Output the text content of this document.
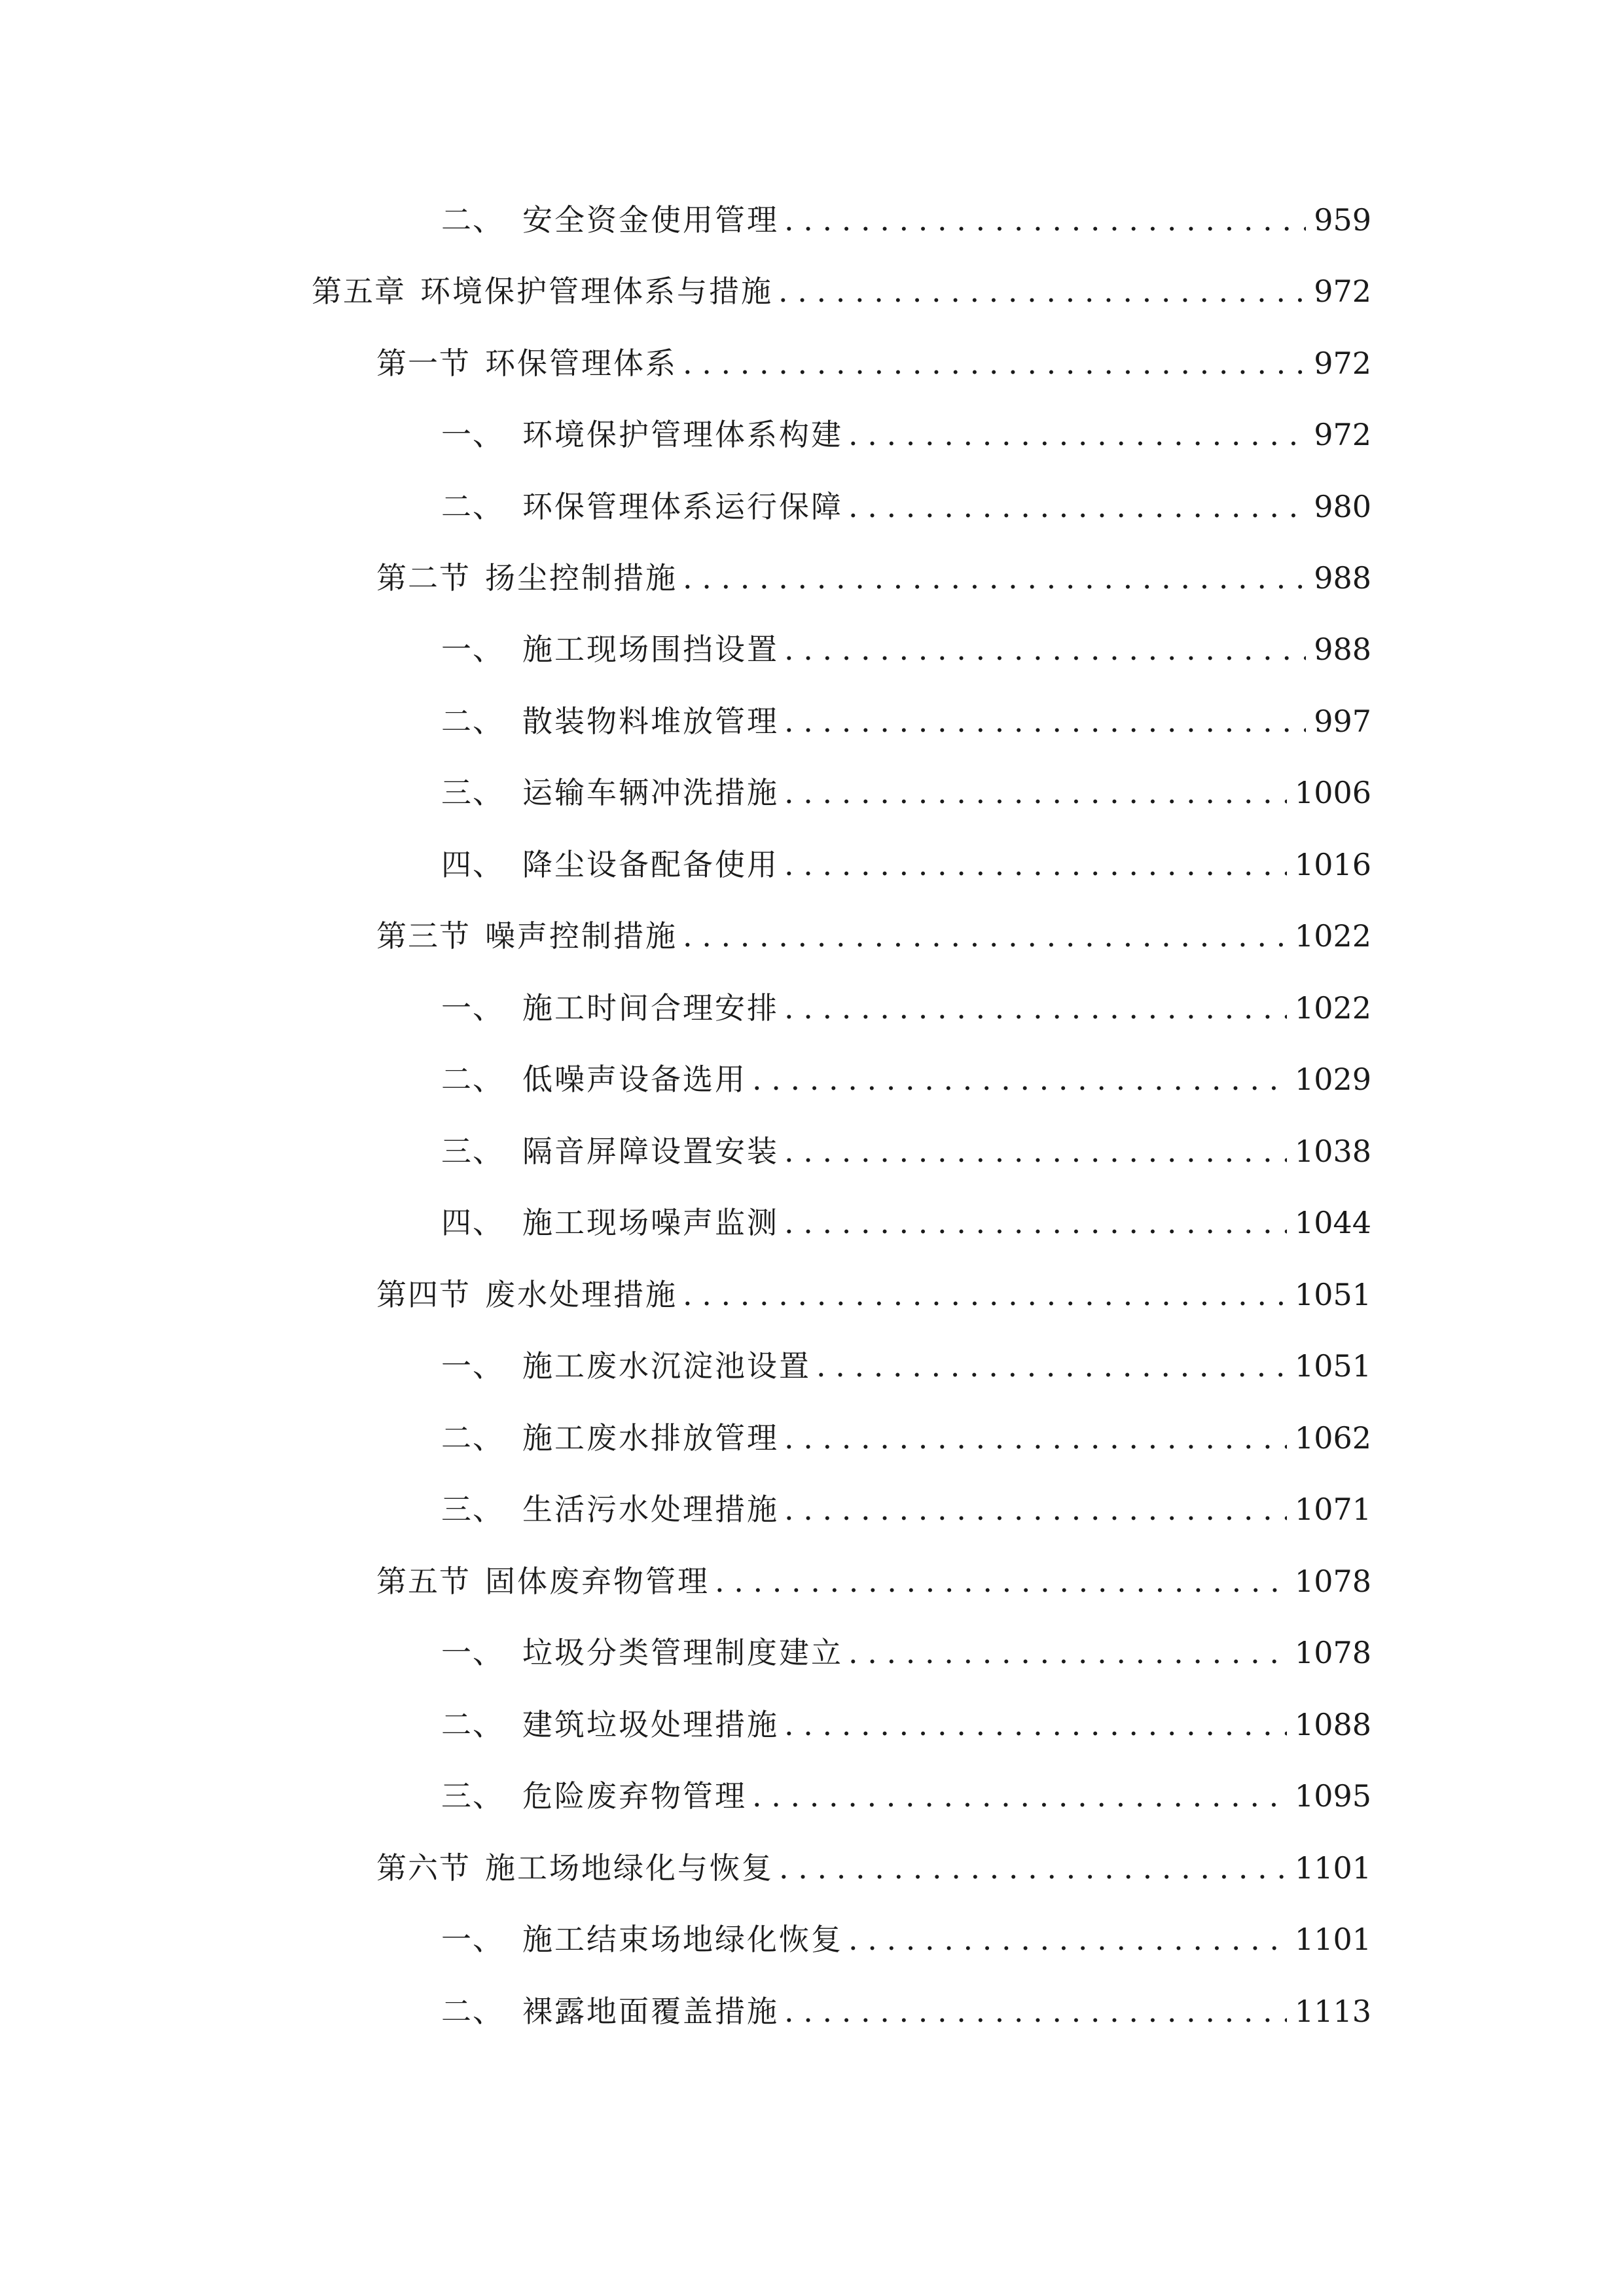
二、 安全资金使用管理 . . .	959
第五章 环境保护管理体系与措施 . . .	972
第一节 环保管理体系 . . .	972
一、 环境保护管理体系构建 . . .	972
二、 环保管理体系运行保障 . . .	980
第二节 扬尘控制措施 . . .	988
一、 施工现场围挡设置 . . .	988
二、 散装物料堆放管理 . . .	997
三、 运输车辆冲洗措施 . . .	1006
四、 降尘设备配备使用 . . .	1016
第三节 噪声控制措施 . . .	1022
一、 施工时间合理安排 . . .	1022
二、 低噪声设备选用 . . .	1029
三、 隔音屏障设置安装 . . .	1038
四、 施工现场噪声监测 . . .	1044
第四节 废水处理措施 . . .	1051
一、 施工废水沉淀池设置 . . .	1051
二、 施工废水排放管理 . . .	1062
三、 生活污水处理措施 . . .	1071
第五节 固体废弃物管理 . . .	1078
一、 垃圾分类管理制度建立 . . .	1078
二、 建筑垃圾处理措施 . . .	1088
三、 危险废弃物管理 . . .	1095
第六节 施工场地绿化与恢复 . . .	1101
一、 施工结束场地绿化恢复 . . .	1101
二、 裸露地面覆盖措施 . . .	1113
